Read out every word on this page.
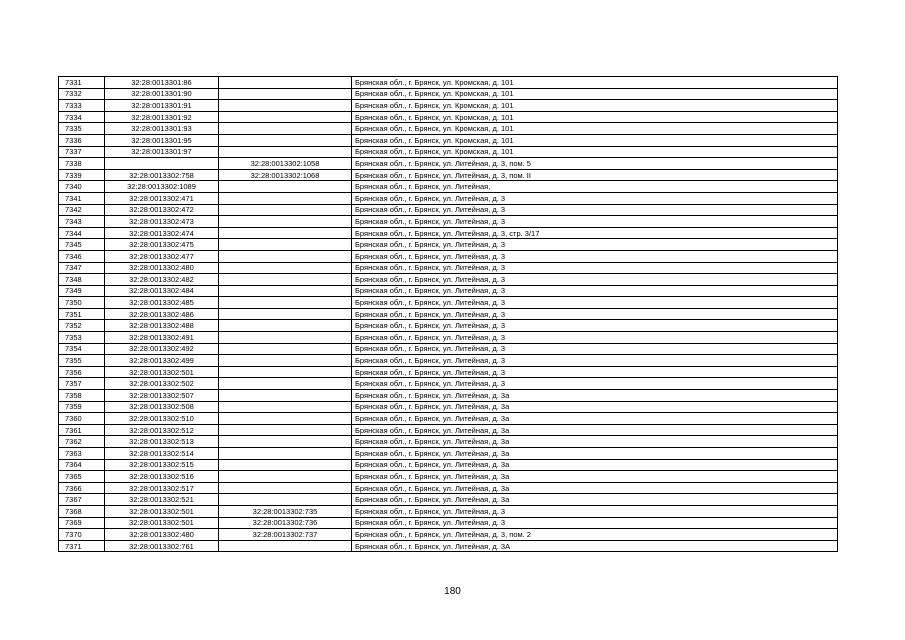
7331	32:28:0013301:86		Брянская обл., г. Брянск, ул. Кромская, д. 101
7332	32:28:0013301:90		Брянская обл., г. Брянск, ул. Кромская, д. 101
7333	32:28:0013301:91		Брянская обл., г. Брянск, ул. Кромская, д. 101
7334	32:28:0013301:92		Брянская обл., г. Брянск, ул. Кромская, д. 101
7335	32:28:0013301:93		Брянская обл., г. Брянск, ул. Кромская, д. 101
7336	32:28:0013301:95		Брянская обл., г. Брянск, ул. Кромская, д. 101
7337	32:28:0013301:97		Брянская обл., г. Брянск, ул. Кромская, д. 101
7338		32:28:0013302:1058	Брянская обл., г. Брянск, ул. Литейная, д. 3, пом. 5
7339	32:28:0013302:758	32:28:0013302:1068	Брянская обл., г. Брянск, ул. Литейная, д. 3, пом. II
7340	32:28:0013302:1089		Брянская обл., г. Брянск, ул. Литейная,
7341	32:28:0013302:471		Брянская обл., г. Брянск, ул. Литейная, д. 3
7342	32:28:0013302:472		Брянская обл., г. Брянск, ул. Литейная, д. 3
7343	32:28:0013302:473		Брянская обл., г. Брянск, ул. Литейная, д. 3
7344	32:28:0013302:474		Брянская обл., г. Брянск, ул. Литейная, д. 3, стр. 3/17
7345	32:28:0013302:475		Брянская обл., г. Брянск, ул. Литейная, д. 3
7346	32:28:0013302:477		Брянская обл., г. Брянск, ул. Литейная, д. 3
7347	32:28:0013302:480		Брянская обл., г. Брянск, ул. Литейная, д. 3
7348	32:28:0013302:482		Брянская обл., г. Брянск, ул. Литейная, д. 3
7349	32:28:0013302:484		Брянская обл., г. Брянск, ул. Литейная, д. 3
7350	32:28:0013302:485		Брянская обл., г. Брянск, ул. Литейная, д. 3
7351	32:28:0013302:486		Брянская обл., г. Брянск, ул. Литейная, д. 3
7352	32:28:0013302:488		Брянская обл., г. Брянск, ул. Литейная, д. 3
7353	32:28:0013302:491		Брянская обл., г. Брянск, ул. Литейная, д. 3
7354	32:28:0013302:492		Брянская обл., г. Брянск, ул. Литейная, д. 3
7355	32:28:0013302:499		Брянская обл., г. Брянск, ул. Литейная, д. 3
7356	32:28:0013302:501		Брянская обл., г. Брянск, ул. Литейная, д. 3
7357	32:28:0013302:502		Брянская обл., г. Брянск, ул. Литейная, д. 3
7358	32:28:0013302:507		Брянская обл., г. Брянск, ул. Литейная, д. 3а
7359	32:28:0013302:508		Брянская обл., г. Брянск, ул. Литейная, д. 3а
7360	32:28:0013302:510		Брянская обл., г. Брянск, ул. Литейная, д. 3а
7361	32:28:0013302:512		Брянская обл., г. Брянск, ул. Литейная, д. 3а
7362	32:28:0013302:513		Брянская обл., г. Брянск, ул. Литейная, д. 3а
7363	32:28:0013302:514		Брянская обл., г. Брянск, ул. Литейная, д. 3а
7364	32:28:0013302:515		Брянская обл., г. Брянск, ул. Литейная, д. 3а
7365	32:28:0013302:516		Брянская обл., г. Брянск, ул. Литейная, д. 3а
7366	32:28:0013302:517		Брянская обл., г. Брянск, ул. Литейная, д. 3а
7367	32:28:0013302:521		Брянская обл., г. Брянск, ул. Литейная, д. 3а
7368	32:28:0013302:501	32:28:0013302:735	Брянская обл., г. Брянск, ул. Литейная, д. 3
7369	32:28:0013302:501	32:28:0013302:736	Брянская обл., г. Брянск, ул. Литейная, д. 3
7370	32:28:0013302:480	32:28:0013302:737	Брянская обл., г. Брянск, ул. Литейная, д. 3, пом. 2
7371	32:28:0013302:761		Брянская обл., г. Брянск, ул. Литейная, д. 3А
180
